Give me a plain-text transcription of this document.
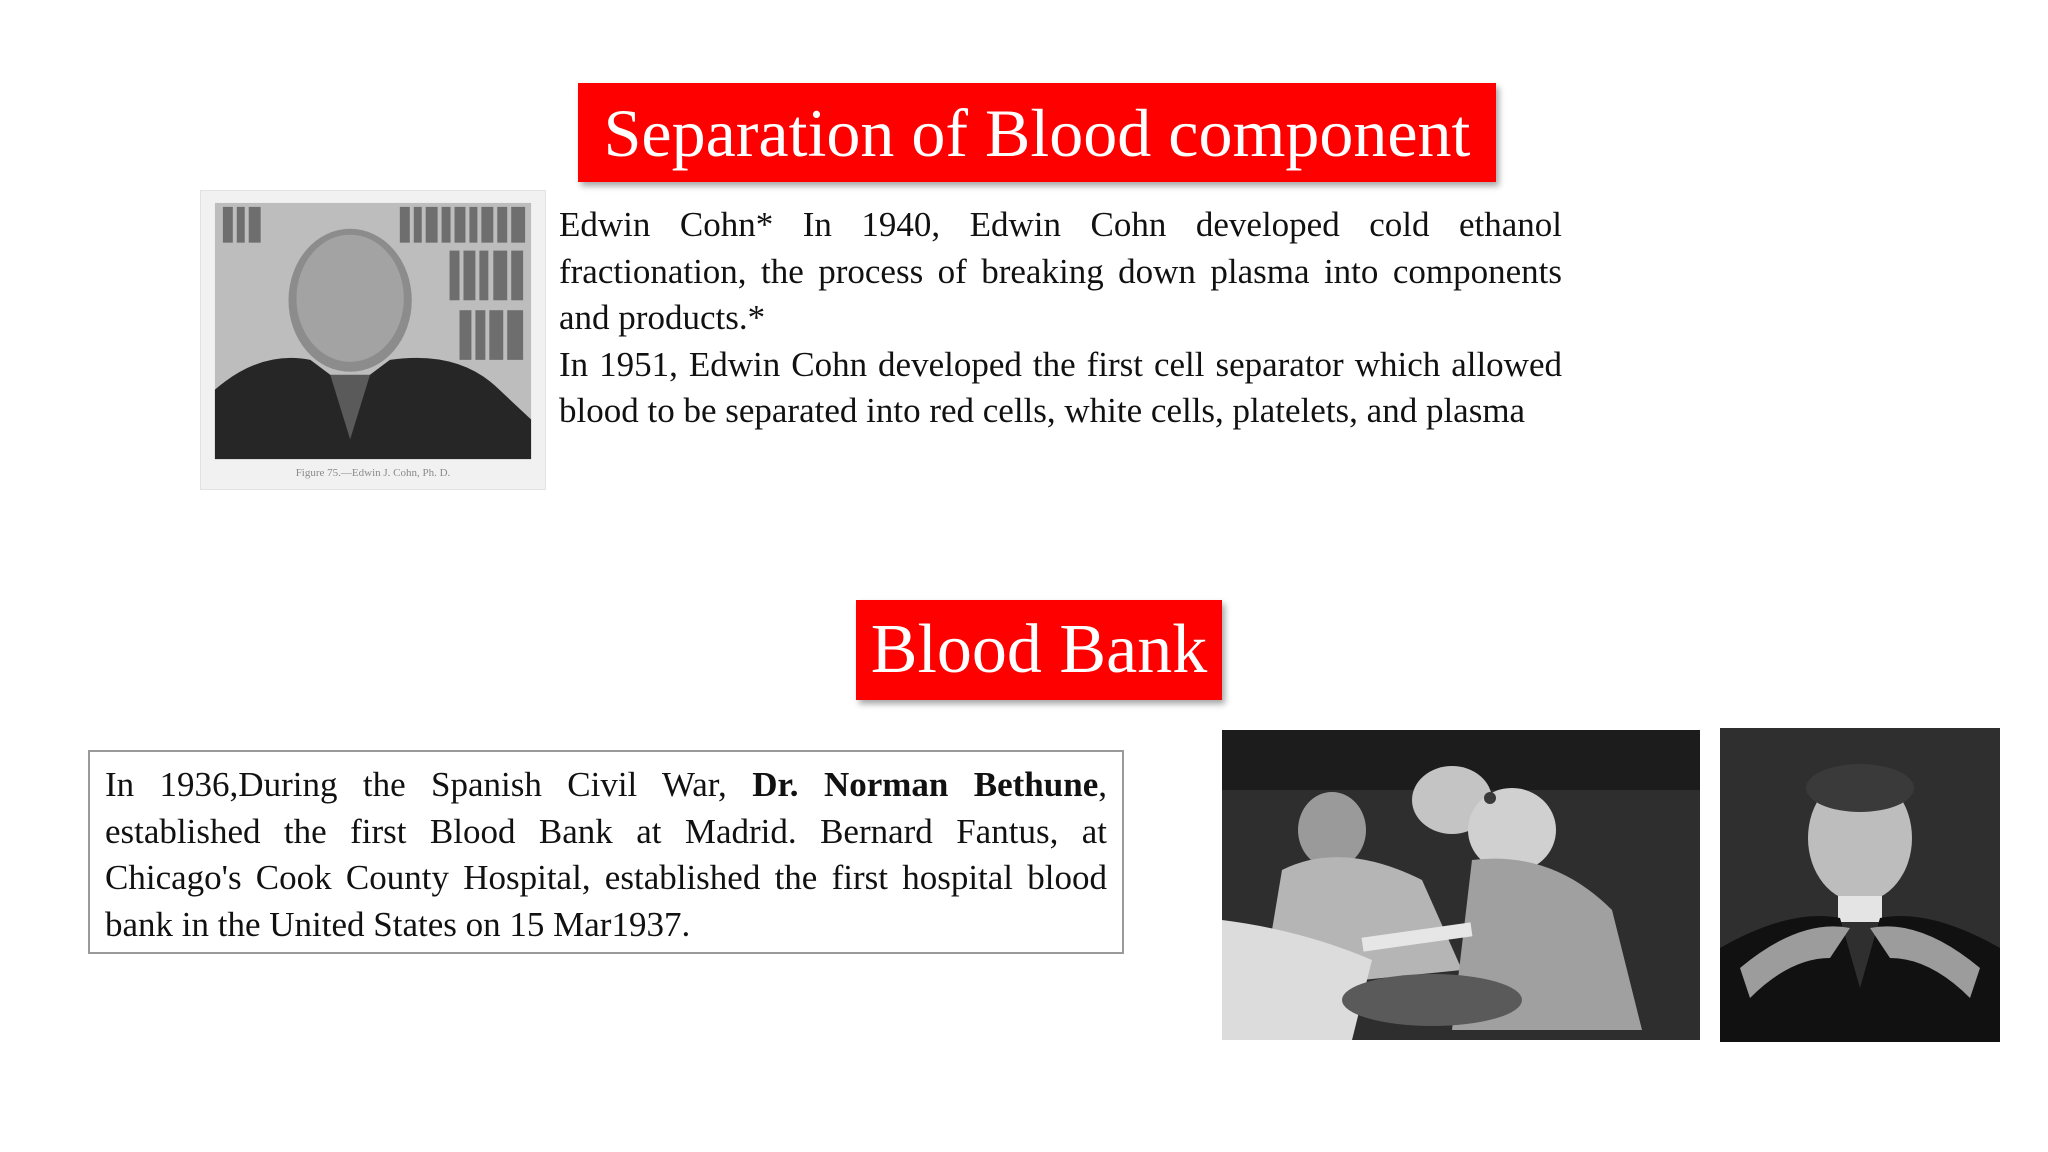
Separation of Blood component
Figure 75.—Edwin J. Cohn, Ph. D.

Edwin Cohn* In 1940, Edwin Cohn developed cold ethanol fractionation, the process of breaking down plasma into components and products.*

In 1951, Edwin Cohn developed the first cell separator which allowed blood to be separated into red cells, white cells, platelets, and plasma

Blood Bank

In 1936,During the Spanish Civil War, Dr. Norman Bethune, established the first Blood Bank at Madrid. Bernard Fantus, at Chicago's Cook County Hospital, established the first hospital blood bank in the United States on 15 Mar1937.
